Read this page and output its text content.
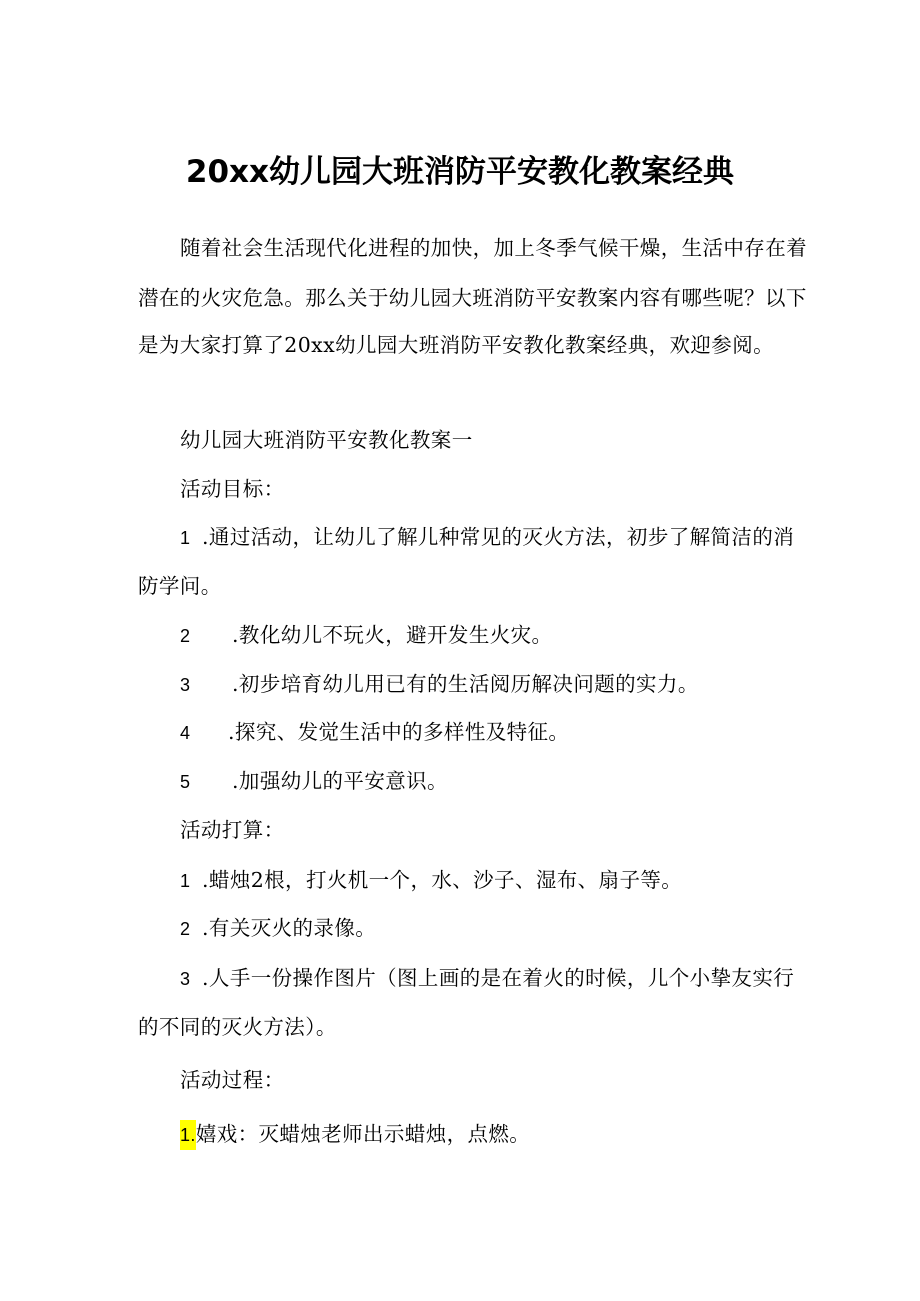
20xx幼儿园大班消防平安教化教案经典
随着社会生活现代化进程的加快，加上冬季气候干燥，生活中存在着
潜在的火灾危急。那么关于幼儿园大班消防平安教案内容有哪些呢？以下
是为大家打算了20xx幼儿园大班消防平安教化教案经典，欢迎参阅。
幼儿园大班消防平安教化教案一
活动目标：
1 .通过活动，让幼儿了解儿种常见的灭火方法，初步了解简洁的消
防学问。
2 .教化幼儿不玩火，避开发生火灾。
3 .初步培育幼儿用已有的生活阅历解决问题的实力。
4 .探究、发觉生活中的多样性及特征。
5 .加强幼儿的平安意识。
活动打算：
1 .蜡烛2根，打火机一个，水、沙子、湿布、扇子等。
2 .有关灭火的录像。
3 .人手一份操作图片（图上画的是在着火的时候，儿个小挚友实行
的不同的灭火方法）。
活动过程：
1.嬉戏：灭蜡烛老师出示蜡烛，点燃。
